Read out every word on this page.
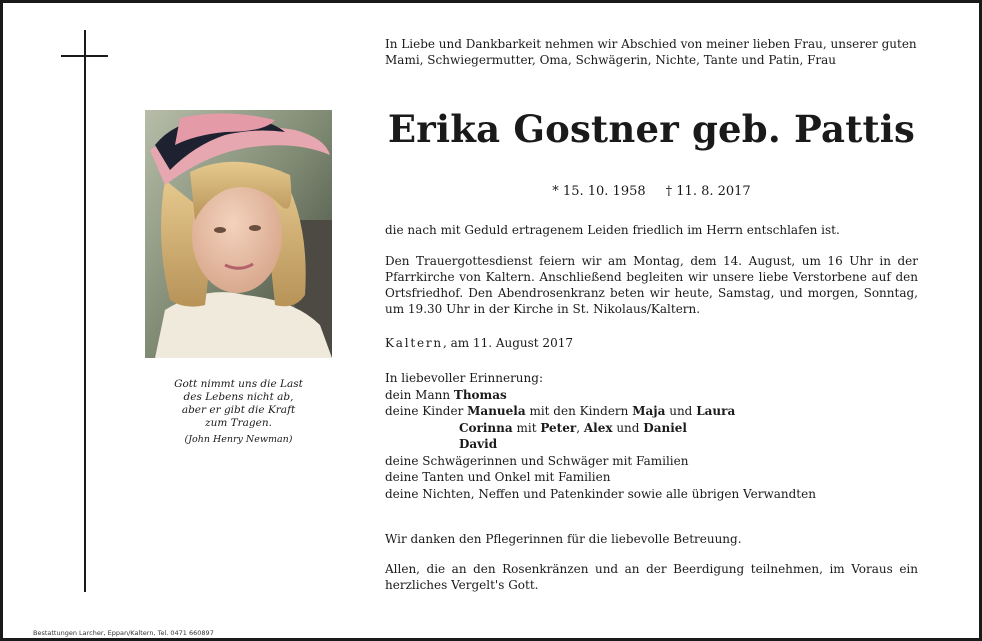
Gott nimmt uns die Last
des Lebens nicht ab,
aber er gibt die Kraft
zum Tragen.
(John Henry Newman)
In Liebe und Dankbarkeit nehmen wir Abschied von meiner lieben Frau, unserer guten Mami, Schwiegermutter, Oma, Schwägerin, Nichte, Tante und Patin, Frau
Erika Gostner geb. Pattis
* 15. 10. 1958 † 11. 8. 2017
die nach mit Geduld ertragenem Leiden friedlich im Herrn entschlafen ist.
Den Trauergottesdienst feiern wir am Montag, dem 14. August, um 16 Uhr in der Pfarrkirche von Kaltern. Anschließend begleiten wir unsere liebe Verstorbene auf den Ortsfriedhof. Den Abendrosenkranz beten wir heute, Samstag, und morgen, Sonntag, um 19.30 Uhr in der Kirche in St. Nikolaus/Kaltern.
Kaltern, am 11. August 2017
In liebevoller Erinnerung:
dein Mann Thomas
deine Kinder Manuela mit den Kindern Maja und Laura
Corinna mit Peter, Alex und Daniel
David
deine Schwägerinnen und Schwäger mit Familien
deine Tanten und Onkel mit Familien
deine Nichten, Neffen und Patenkinder sowie alle übrigen Verwandten
Wir danken den Pflegerinnen für die liebevolle Betreuung.
Allen, die an den Rosenkränzen und an der Beerdigung teilnehmen, im Voraus ein herzliches Vergelt's Gott.
Bestattungen Larcher, Eppan/Kaltern, Tel. 0471 660897
